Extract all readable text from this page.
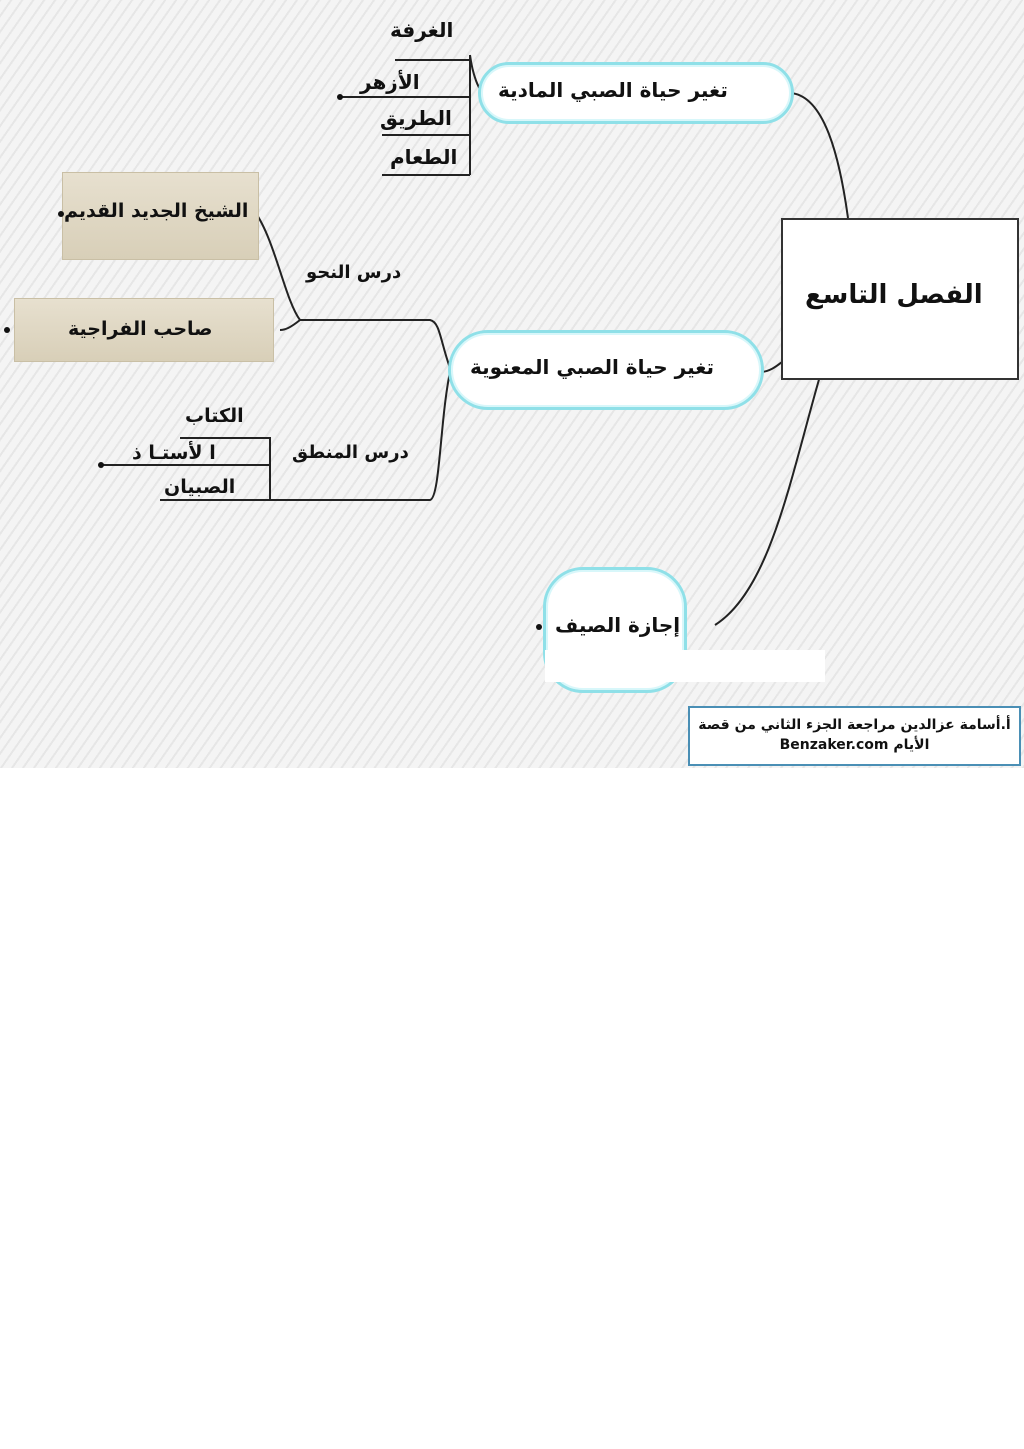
الفصل التاسع
تغير حياة الصبي المادية
الغرفة
الأزهر
الطريق
الطعام
تغير حياة الصبي المعنوية
درس النحو
الشيخ الجديد القديم
صاحب الفراجية
درس المنطق
الكتاب
ا لأستـا ذ
الصبيان
إجازة الصيف
أ.أسامة عزالدين مراجعة الجزء الثاني من قصة
الأيام Benzaker.com
